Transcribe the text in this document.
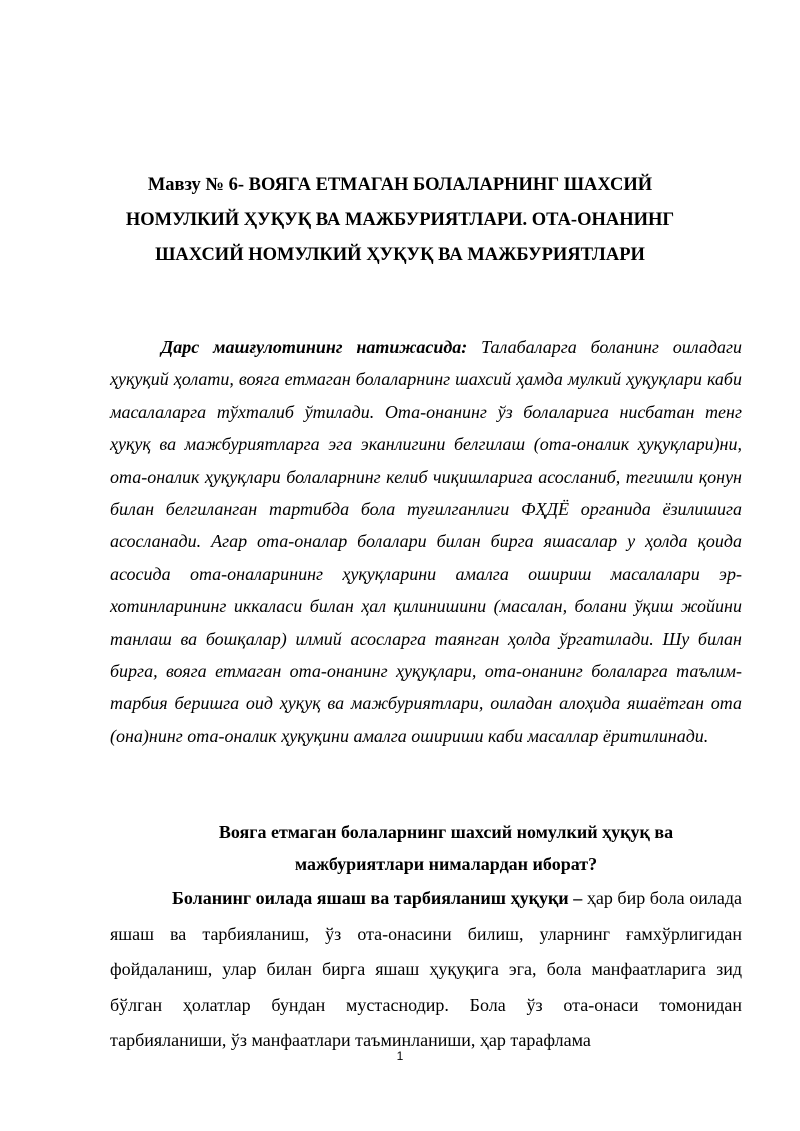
Мавзу № 6- ВОЯГА ЕТМАГАН БОЛАЛАРНИНГ ШАХСИЙ
НОМУЛКИЙ ҲУҚУҚ ВА МАЖБУРИЯТЛАРИ. ОТА-ОНАНИНГ
ШАХСИЙ НОМУЛКИЙ ҲУҚУҚ ВА МАЖБУРИЯТЛАРИ

Дарс машғулотининг натижасида: Талабаларга боланинг оиладаги ҳуқуқий ҳолати, вояга етмаган болаларнинг шахсий ҳамда мулкий ҳуқуқлари каби масалаларга тўхталиб ўтилади. Ота-онанинг ўз болаларига нисбатан тенг ҳуқуқ ва мажбуриятларга эга эканлигини белгилаш (ота-оналик ҳуқуқлари)ни, ота-оналик ҳуқуқлари болаларнинг келиб чиқишларига асосланиб, тегишли қонун билан белгиланган тартибда бола туғилганлиги ФҲДЁ органида ёзилишига асосланади. Агар ота-оналар болалари билан бирга яшасалар у ҳолда қоида асосида ота-оналарининг ҳуқуқларини амалга ошириш масалалари эр-хотинларининг иккаласи билан ҳал қилинишини (масалан, болани ўқиш жойини танлаш ва бошқалар) илмий асосларга таянган ҳолда ўргатилади. Шу билан бирга, вояга етмаган ота-онанинг ҳуқуқлари, ота-онанинг болаларга таълим-тарбия беришга оид ҳуқуқ ва мажбуриятлари, оиладан алоҳида яшаётган ота (она)нинг ота-оналик ҳуқуқини амалга ошириши каби масаллар ёритилинади.

Вояга етмаган болаларнинг шахсий номулкий ҳуқуқ ва
мажбуриятлари нималардан иборат?

Боланинг оилада яшаш ва тарбияланиш ҳуқуқи – ҳар бир бола оилада яшаш ва тарбияланиш, ўз ота-онасини билиш, уларнинг ғамхўрлигидан фойдаланиш, улар билан бирга яшаш ҳуқуқига эга, бола манфаатларига зид бўлган ҳолатлар бундан мустаснодир. Бола ўз ота-онаси томонидан тарбияланиши, ўз манфаатлари таъминланиши, ҳар тарафлама

1
